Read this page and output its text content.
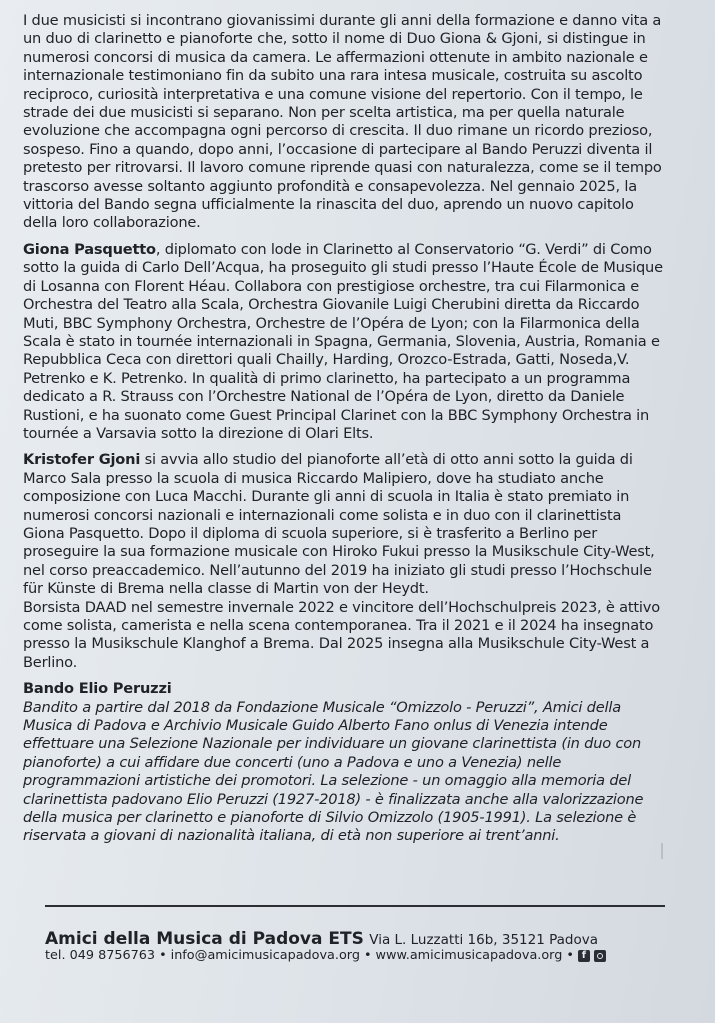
I due musicisti si incontrano giovanissimi durante gli anni della formazione e danno vita a un duo di clarinetto e pianoforte che, sotto il nome di Duo Giona & Gjoni, si distingue in numerosi concorsi di musica da camera. Le affermazioni ottenute in ambito nazionale e internazionale testimoniano fin da subito una rara intesa musicale, costruita su ascolto reciproco, curiosità interpretativa e una comune visione del repertorio. Con il tempo, le strade dei due musicisti si separano. Non per scelta artistica, ma per quella naturale evoluzione che accompagna ogni percorso di crescita. Il duo rimane un ricordo prezioso, sospeso. Fino a quando, dopo anni, l’occasione di partecipare al Bando Peruzzi diventa il pretesto per ritrovarsi. Il lavoro comune riprende quasi con naturalezza, come se il tempo trascorso avesse soltanto aggiunto profondità e consapevolezza. Nel gennaio 2025, la vittoria del Bando segna ufficialmente la rinascita del duo, aprendo un nuovo capitolo della loro collaborazione.

Giona Pasquetto, diplomato con lode in Clarinetto al Conservatorio “G. Verdi” di Como sotto la guida di Carlo Dell’Acqua, ha proseguito gli studi presso l’Haute École de Musique di Losanna con Florent Héau. Collabora con prestigiose orchestre, tra cui Filarmonica e Orchestra del Teatro alla Scala, Orchestra Giovanile Luigi Cherubini diretta da Riccardo Muti, BBC Symphony Orchestra, Orchestre de l’Opéra de Lyon; con la Filarmonica della Scala è stato in tournée internazionali in Spagna, Germania, Slovenia, Austria, Romania e Repubblica Ceca con direttori quali Chailly, Harding, Orozco-Estrada, Gatti, Noseda,V. Petrenko e K. Petrenko. In qualità di primo clarinetto, ha partecipato a un programma dedicato a R. Strauss con l’Orchestre National de l’Opéra de Lyon, diretto da Daniele Rustioni, e ha suonato come Guest Principal Clarinet con la BBC Symphony Orchestra in tournée a Varsavia sotto la direzione di Olari Elts.

Kristofer Gjoni si avvia allo studio del pianoforte all’età di otto anni sotto la guida di Marco Sala presso la scuola di musica Riccardo Malipiero, dove ha studiato anche composizione con Luca Macchi. Durante gli anni di scuola in Italia è stato premiato in numerosi concorsi nazionali e internazionali come solista e in duo con il clarinettista Giona Pasquetto. Dopo il diploma di scuola superiore, si è trasferito a Berlino per proseguire la sua formazione musicale con Hiroko Fukui presso la Musikschule City-West, nel corso preaccademico. Nell’autunno del 2019 ha iniziato gli studi presso l’Hochschule für Künste di Brema nella classe di Martin von der Heydt.

Borsista DAAD nel semestre invernale 2022 e vincitore dell’Hochschulpreis 2023, è attivo come solista, camerista e nella scena contemporanea. Tra il 2021 e il 2024 ha insegnato presso la Musikschule Klanghof a Brema. Dal 2025 insegna alla Musikschule City-West a Berlino.

Bando Elio Peruzzi

Bandito a partire dal 2018 da Fondazione Musicale “Omizzolo - Peruzzi”, Amici della Musica di Padova e Archivio Musicale Guido Alberto Fano onlus di Venezia intende effettuare una Selezione Nazionale per individuare un giovane clarinettista (in duo con pianoforte) a cui affidare due concerti (uno a Padova e uno a Venezia) nelle programmazioni artistiche dei promotori. La selezione - un omaggio alla memoria del clarinettista padovano Elio Peruzzi (1927-2018) - è finalizzata anche alla valorizzazione della musica per clarinetto e pianoforte di Silvio Omizzolo (1905-1991). La selezione è riservata a giovani di nazionalità italiana, di età non superiore ai trent’anni.

Amici della Musica di Padova ETS Via L. Luzzatti 16b, 35121 Padova
tel. 049 8756763 • info@amicimusicapadova.org • www.amicimusicapadova.org • f
